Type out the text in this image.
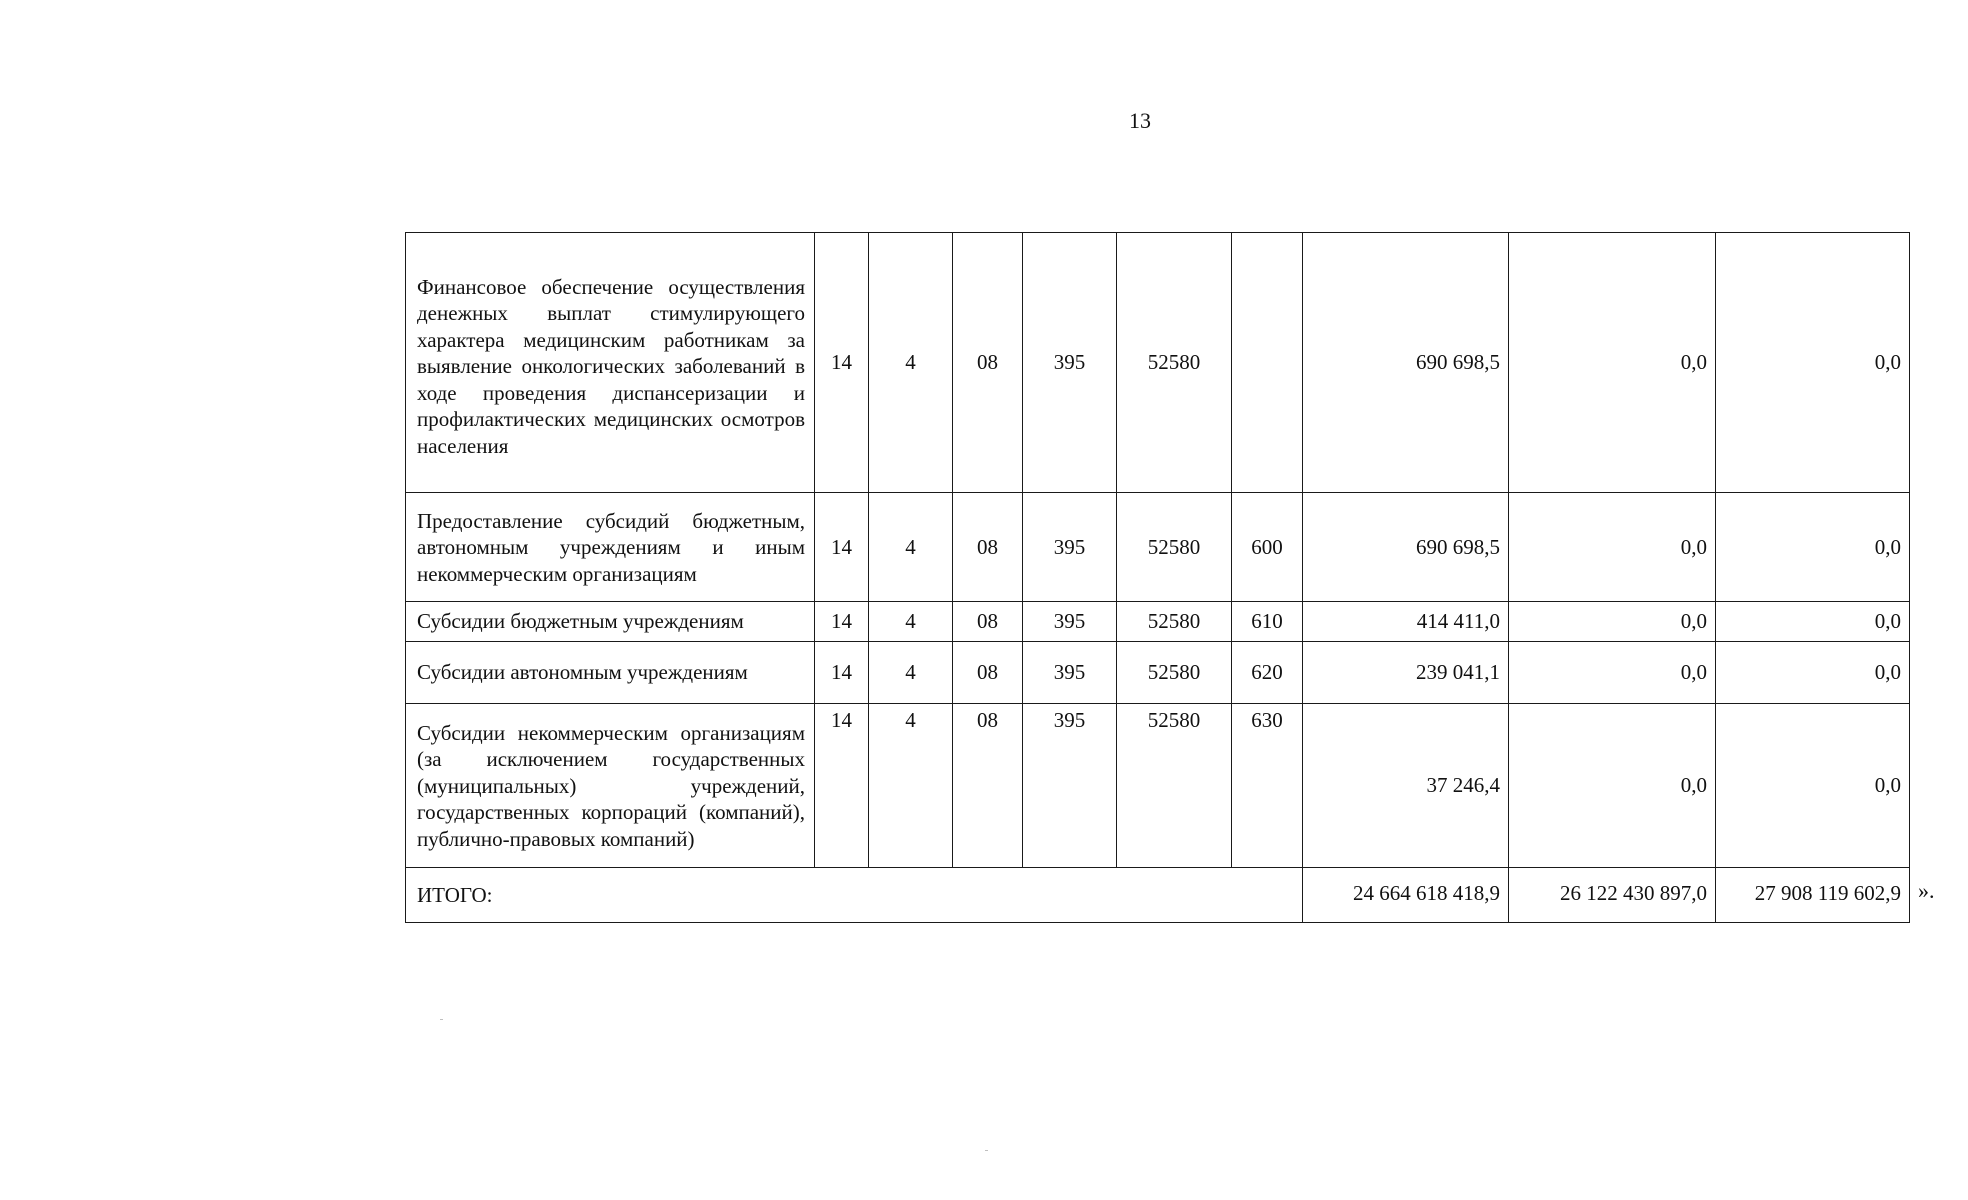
13
Финансовое обеспечение осуществления денежных выплат стимулирующего характера медицинским работникам за выявление онкологических заболеваний в ходе проведения диспансеризации и профилактических медицинских осмотров населения	14	4	08	395	52580		690 698,5	0,0	0,0
Предоставление субсидий бюджетным, автономным учреждениям и иным некоммерческим организациям	14	4	08	395	52580	600	690 698,5	0,0	0,0
Субсидии бюджетным учреждениям	14	4	08	395	52580	610	414 411,0	0,0	0,0
Субсидии автономным учреждениям	14	4	08	395	52580	620	239 041,1	0,0	0,0
Субсидии некоммерческим организациям (за исключением государственных (муниципальных) учреждений, государственных корпораций (компаний), публично-правовых компаний)	14	4	08	395	52580	630	37 246,4	0,0	0,0
ИТОГО:							24 664 618 418,9	26 122 430 897,0	27 908 119 602,9 ».
